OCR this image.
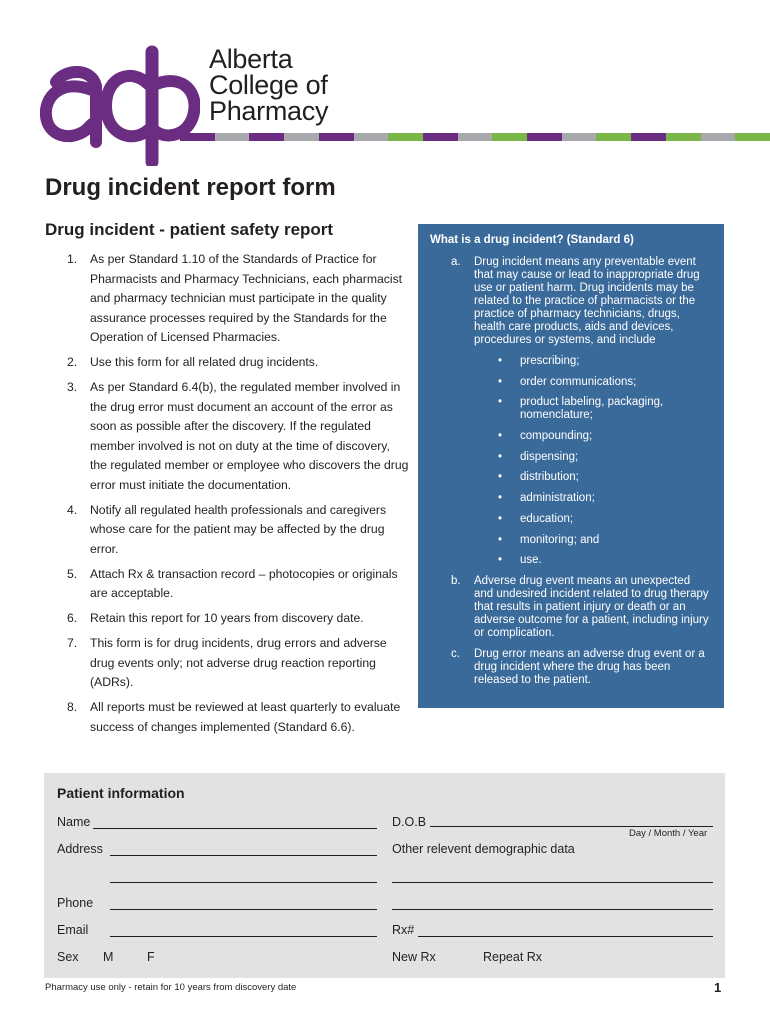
Alberta
College of
Pharmacy
Drug incident report form
Drug incident - patient safety report
1. As per Standard 1.10 of the Standards of Practice for Pharmacists and Pharmacy Technicians, each pharmacist and pharmacy technician must participate in the quality assurance processes required by the Standards for the Operation of Licensed Pharmacies.
2. Use this form for all related drug incidents.
3. As per Standard 6.4(b), the regulated member involved in the drug error must document an account of the error as soon as possible after the discovery. If the regulated member involved is not on duty at the time of discovery, the regulated member or employee who discovers the drug error must initiate the documentation.
4. Notify all regulated health professionals and caregivers whose care for the patient may be affected by the drug error.
5. Attach Rx & transaction record – photocopies or originals are acceptable.
6. Retain this report for 10 years from discovery date.
7. This form is for drug incidents, drug errors and adverse drug events only; not adverse drug reaction reporting (ADRs).
8. All reports must be reviewed at least quarterly to evaluate success of changes implemented (Standard 6.6).
What is a drug incident? (Standard 6)
a. Drug incident means any preventable event that may cause or lead to inappropriate drug use or patient harm. Drug incidents may be related to the practice of pharmacists or the practice of pharmacy technicians, drugs, health care products, aids and devices, procedures or systems, and include
• prescribing;
• order communications;
• product labeling, packaging, nomenclature;
• compounding;
• dispensing;
• distribution;
• administration;
• education;
• monitoring; and
• use.
b. Adverse drug event means an unexpected and undesired incident related to drug therapy that results in patient injury or death or an adverse outcome for a patient, including injury or complication.
c. Drug error means an adverse drug event or a drug incident where the drug has been released to the patient.
Patient information
Name	D.O.B
Day / Month / Year
Address	Other relevent demographic data
Phone
Email	Rx#
Sex M	F	New Rx	Repeat Rx
Pharmacy use only - retain for 10 years from discovery date	1
